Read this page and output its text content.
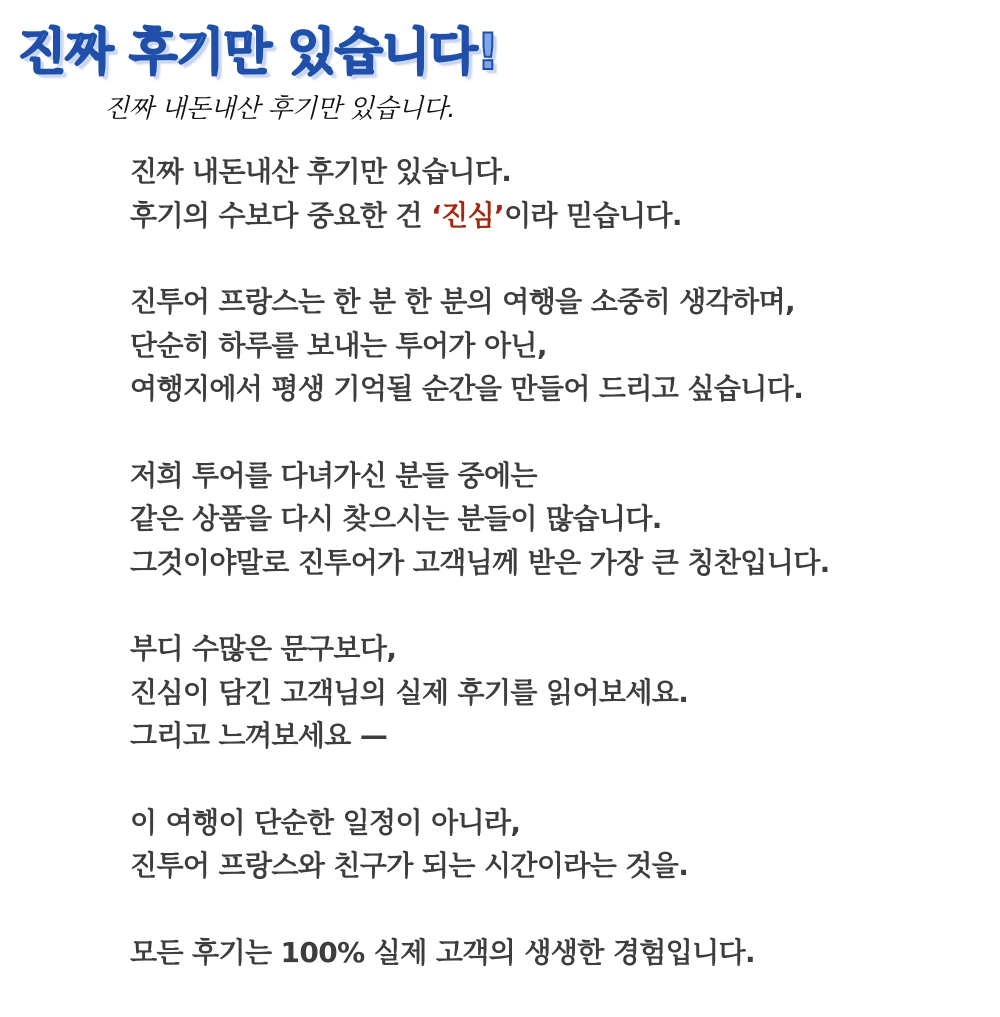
진짜 후기만 있습니다!
진짜 내돈내산 후기만 있습니다.
진짜 내돈내산 후기만 있습니다.
후기의 수보다 중요한 건 ‘진심’이라 믿습니다.
진투어 프랑스는 한 분 한 분의 여행을 소중히 생각하며,
단순히 하루를 보내는 투어가 아닌,
여행지에서 평생 기억될 순간을 만들어 드리고 싶습니다.
저희 투어를 다녀가신 분들 중에는
같은 상품을 다시 찾으시는 분들이 많습니다.
그것이야말로 진투어가 고객님께 받은 가장 큰 칭찬입니다.
부디 수많은 문구보다,
진심이 담긴 고객님의 실제 후기를 읽어보세요.
그리고 느껴보세요 —
이 여행이 단순한 일정이 아니라,
진투어 프랑스와 친구가 되는 시간이라는 것을.
모든 후기는 100% 실제 고객의 생생한 경험입니다.
